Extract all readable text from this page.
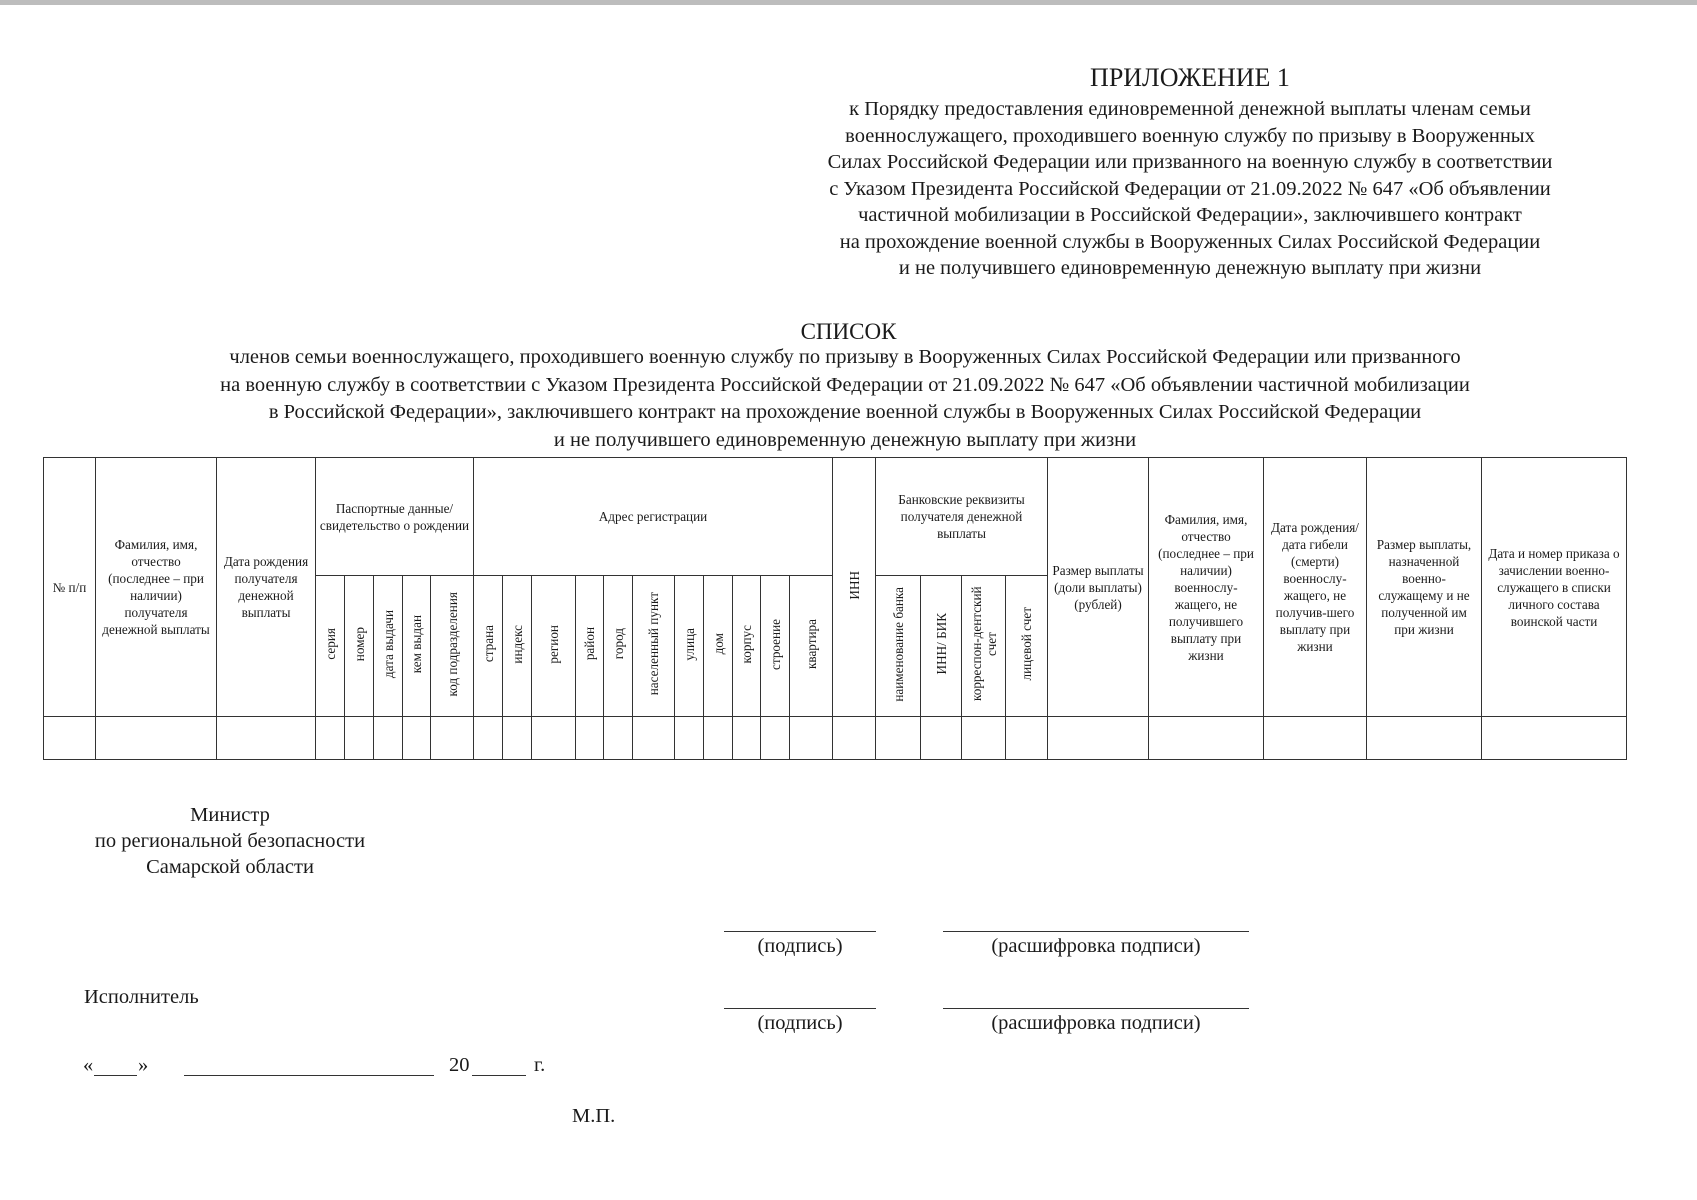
ПРИЛОЖЕНИЕ 1
к Порядку предоставления единовременной денежной выплаты членам семьи
военнослужащего, проходившего военную службу по призыву в Вооруженных
Силах Российской Федерации или призванного на военную службу в соответствии
с Указом Президента Российской Федерации от 21.09.2022 № 647 «Об объявлении
частичной мобилизации в Российской Федерации», заключившего контракт
на прохождение военной службы в Вооруженных Силах Российской Федерации
и не получившего единовременную денежную выплату при жизни
СПИСОК
членов семьи военнослужащего, проходившего военную службу по призыву в Вооруженных Силах Российской Федерации или призванного
на военную службу в соответствии с Указом Президента Российской Федерации от 21.09.2022 № 647 «Об объявлении частичной мобилизации
в Российской Федерации», заключившего контракт на прохождение военной службы в Вооруженных Силах Российской Федерации
и не получившего единовременную денежную выплату при жизни
№ п/п	Фамилия, имя, отчество (последнее – при наличии) получателя денежной выплаты	Дата рождения получателя денежной выплаты	Паспортные данные/ свидетельство о рождении					Адрес регистрации											ИНН	Банковские реквизиты получателя денежной выплаты				Размер выплаты (доли выплаты) (рублей)	Фамилия, имя, отчество (последнее – при наличии) военнослу-жащего, не получившего выплату при жизни	Дата рождения/ дата гибели (смерти) военнослу-жащего, не получив-шего выплату при жизни	Размер выплаты, назначенной военно-служащему и не полученной им при жизни	Дата и номер приказа о зачислении военно-служащего в списки личного состава воинской части
			серия	номер	дата выдачи	кем выдан	код подразделения	страна	индекс	регион	район	город	населенный пункт	улица	дом	корпус	строение	квартира		наименование банка	ИНН/ БИК	корреспон-дентский счет	лицевой счет					

Министр
по региональной безопасности
Самарской области
(подпись)	(расшифровка подписи)
Исполнитель
(подпись)	(расшифровка подписи)
« »	20	г.
М.П.
